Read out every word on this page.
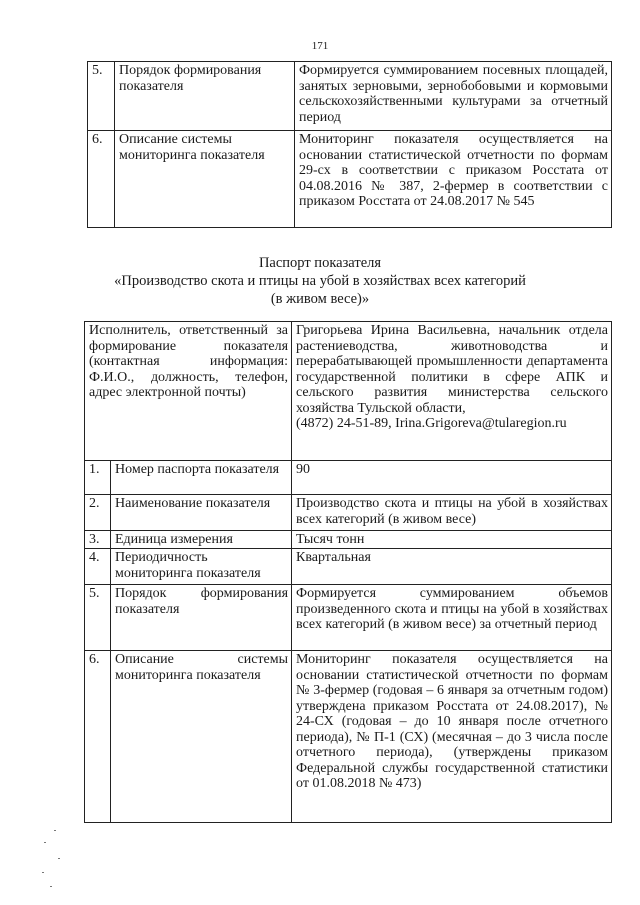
171
5.	Порядок формирования показателя	Формируется суммированием посевных площадей, занятых зерновыми, зернобобовыми и кормовыми сельскохозяйственными культурами за отчетный период
6.	Описание системы мониторинга показателя	Мониторинг показателя осуществляется на основании статистической отчетности по формам 29-сх в соответствии с приказом Росстата от 04.08.2016 № 387, 2-фермер в соответствии с приказом Росстата от 24.08.2017 № 545
Паспорт показателя
«Производство скота и птицы на убой в хозяйствах всех категорий
(в живом весе)»
Исполнитель, ответственный за формирование показателя (контактная информация: Ф.И.О., должность, телефон, адрес электронной почты)		Григорьева Ирина Васильевна, начальник отдела растениеводства, животноводства и перерабатывающей промышленности департамента государственной политики в сфере АПК и сельского развития министерства сельского хозяйства Тульской области,
(4872) 24-51-89, Irina.Grigoreva@tularegion.ru

1.	Номер паспорта показателя	90
2.	Наименование показателя	Производство скота и птицы на убой в хозяйствах всех категорий (в живом весе)
3.	Единица измерения	Тысяч тонн
4.	Периодичность мониторинга показателя	Квартальная
5.	Порядок формирования показателя	Формируется суммированием объемов произведенного скота и птицы на убой в хозяйствах всех категорий (в живом весе) за отчетный период
6.	Описание системы мониторинга показателя	Мониторинг показателя осуществляется на основании статистической отчетности по формам № 3-фермер (годовая – 6 января за отчетным годом) утверждена приказом Росстата от 24.08.2017), № 24-СХ (годовая – до 10 января после отчетного периода), № П-1 (СХ) (месячная – до 3 числа после отчетного периода), (утверждены приказом Федеральной службы государственной статистики от 01.08.2018 № 473)
